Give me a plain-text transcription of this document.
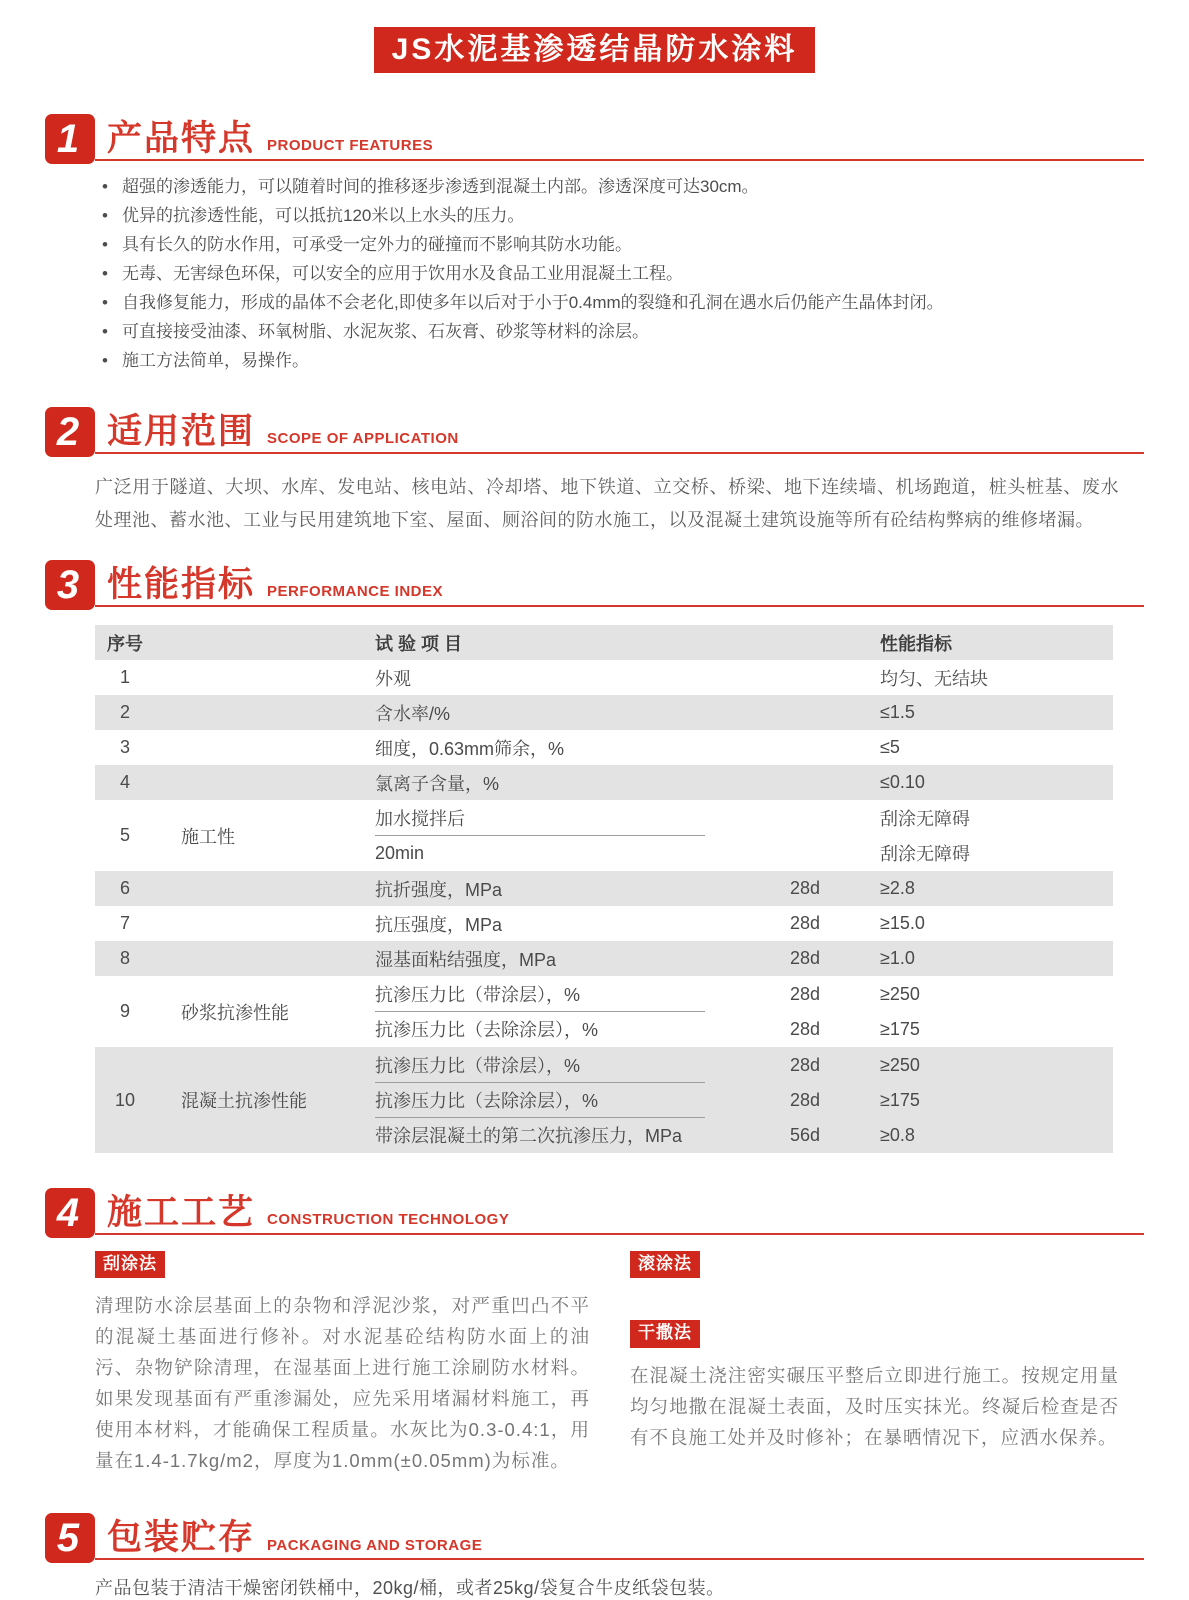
JS水泥基渗透结晶防水涂料
1 产品特点 PRODUCT FEATURES
• 超强的渗透能力，可以随着时间的推移逐步渗透到混凝土内部。渗透深度可达30cm。
• 优异的抗渗透性能，可以抵抗120米以上水头的压力。
• 具有长久的防水作用，可承受一定外力的碰撞而不影响其防水功能。
• 无毒、无害绿色环保，可以安全的应用于饮用水及食品工业用混凝土工程。
• 自我修复能力，形成的晶体不会老化,即使多年以后对于小于0.4mm的裂缝和孔洞在遇水后仍能产生晶体封闭。
• 可直接接受油漆、环氧树脂、水泥灰浆、石灰膏、砂浆等材料的涂层。
• 施工方法简单，易操作。
2 适用范围 SCOPE OF APPLICATION

广泛用于隧道、大坝、水库、发电站、核电站、冷却塔、地下铁道、立交桥、桥梁、地下连续墙、机场跑道，桩头桩基、废水处理池、蓄水池、工业与民用建筑地下室、屋面、厕浴间的防水施工，以及混凝土建筑设施等所有砼结构弊病的维修堵漏。

3 性能指标 PERFORMANCE INDEX
序号	试 验 项 目	性能指标
1	外观	均匀、无结块
2	含水率/%	≤1.5
3	细度，0.63mm筛余，%	≤5
4	氯离子含量，%	≤0.10
5	施工性
加水搅拌后	刮涂无障碍
20min	刮涂无障碍
6	抗折强度，MPa	28d	≥2.8
7	抗压强度，MPa	28d	≥15.0
8	湿基面粘结强度，MPa	28d	≥1.0
9	砂浆抗渗性能
抗渗压力比（带涂层），%	28d	≥250
抗渗压力比（去除涂层），%	28d	≥175
10	混凝土抗渗性能
抗渗压力比（带涂层），%	28d	≥250
抗渗压力比（去除涂层），%	28d	≥175
带涂层混凝土的第二次抗渗压力，MPa	56d	≥0.8
4 施工工艺 CONSTRUCTION TECHNOLOGY
刮涂法
清理防水涂层基面上的杂物和浮泥沙浆，对严重凹凸不平的混凝土基面进行修补。对水泥基砼结构防水面上的油污、杂物铲除清理，在湿基面上进行施工涂刷防水材料。如果发现基面有严重渗漏处，应先采用堵漏材料施工，再使用本材料，才能确保工程质量。水灰比为0.3-0.4:1，用量在1.4-1.7kg/m2，厚度为1.0mm(±0.05mm)为标准。
滚涂法
干撒法
在混凝土浇注密实碾压平整后立即进行施工。按规定用量均匀地撒在混凝土表面，及时压实抹光。终凝后检查是否有不良施工处并及时修补；在暴晒情况下，应洒水保养。
5 包装贮存 PACKAGING AND STORAGE

产品包装于清洁干燥密闭铁桶中，20kg/桶，或者25kg/袋复合牛皮纸袋包装。
